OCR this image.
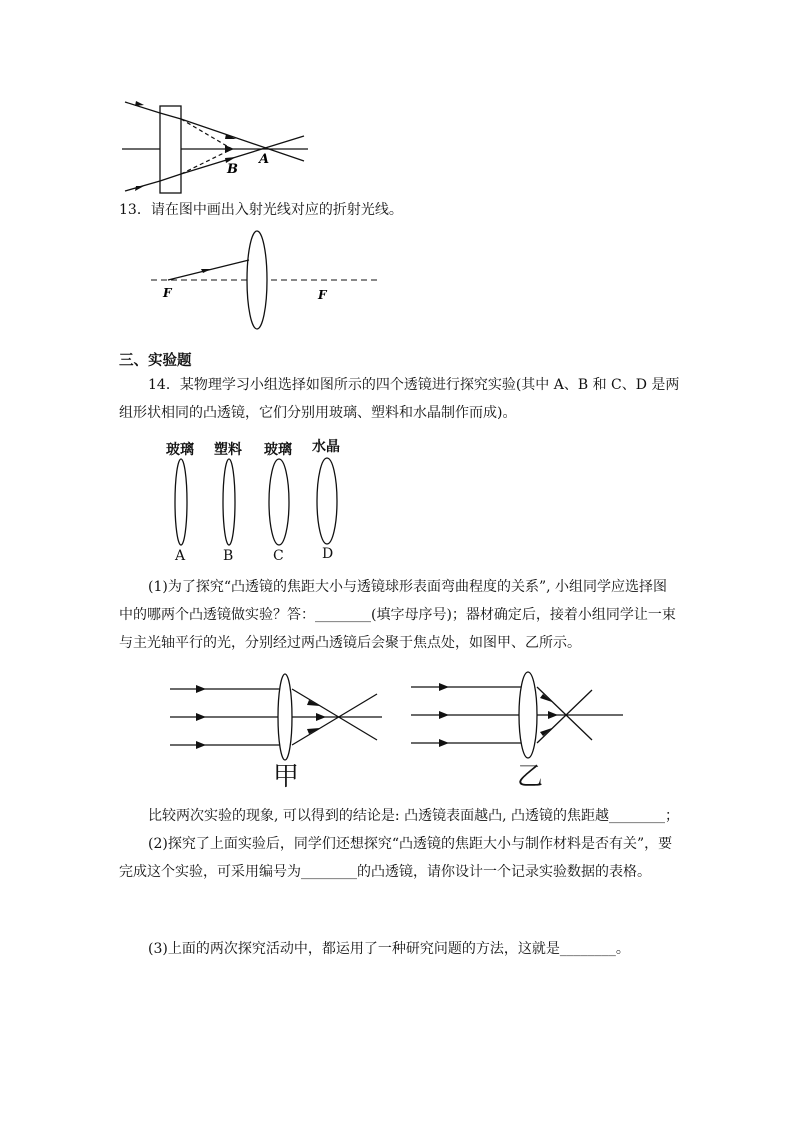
A
B
13．请在图中画出入射光线对应的折射光线。
F	F
三、实验题
14．某物理学习小组选择如图所示的四个透镜进行探究实验(其中 A、B 和 C、D 是两
组形状相同的凸透镜，它们分别用玻璃、塑料和水晶制作而成)。
玻璃 塑料 玻璃 水晶
A	B	C	D
(1)为了探究“凸透镜的焦距大小与透镜球形表面弯曲程度的关系”, 小组同学应选择图
中的哪两个凸透镜做实验？答：________(填字母序号)；器材确定后，接着小组同学让一束
与主光轴平行的光，分别经过两凸透镜后会聚于焦点处，如图甲、乙所示。
甲	乙
比较两次实验的现象, 可以得到的结论是: 凸透镜表面越凸, 凸透镜的焦距越________；
(2)探究了上面实验后，同学们还想探究“凸透镜的焦距大小与制作材料是否有关”，要
完成这个实验，可采用编号为________的凸透镜，请你设计一个记录实验数据的表格。
(3)上面的两次探究活动中，都运用了一种研究问题的方法，这就是________。
